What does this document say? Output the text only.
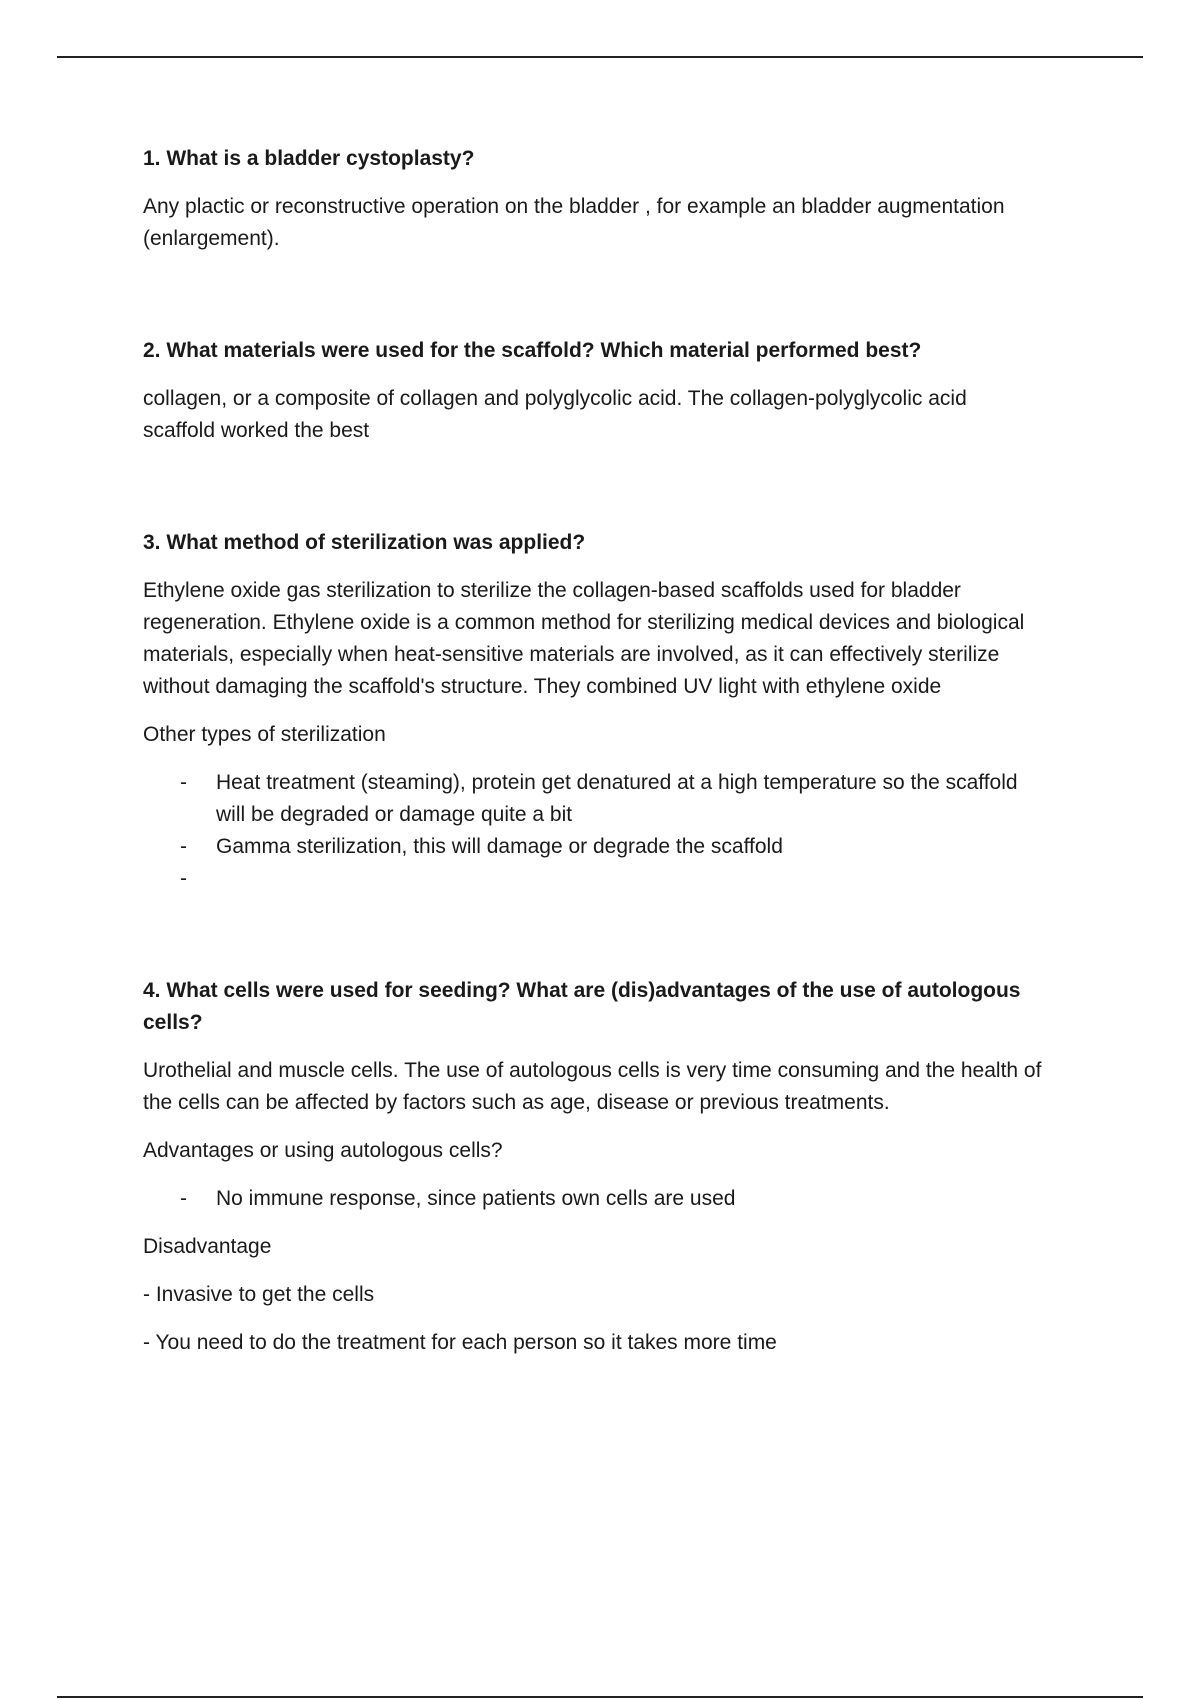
1. What is a bladder cystoplasty?

Any plactic or reconstructive operation on the bladder , for example an bladder augmentation (enlargement).

2. What materials were used for the scaffold? Which material performed best?

collagen, or a composite of collagen and polyglycolic acid. The collagen-polyglycolic acid scaffold worked the best

3. What method of sterilization was applied?

Ethylene oxide gas sterilization to sterilize the collagen-based scaffolds used for bladder regeneration. Ethylene oxide is a common method for sterilizing medical devices and biological materials, especially when heat-sensitive materials are involved, as it can effectively sterilize without damaging the scaffold's structure. They combined UV light with ethylene oxide

Other types of sterilization

- Heat treatment (steaming), protein get denatured at a high temperature so the scaffold will be degraded or damage quite a bit
- Gamma sterilization, this will damage or degrade the scaffold
-

4. What cells were used for seeding? What are (dis)advantages of the use of autologous cells?

Urothelial and muscle cells. The use of autologous cells is very time consuming and the health of the cells can be affected by factors such as age, disease or previous treatments.

Advantages or using autologous cells?

- No immune response, since patients own cells are used

Disadvantage

- Invasive to get the cells

- You need to do the treatment for each person so it takes more time
